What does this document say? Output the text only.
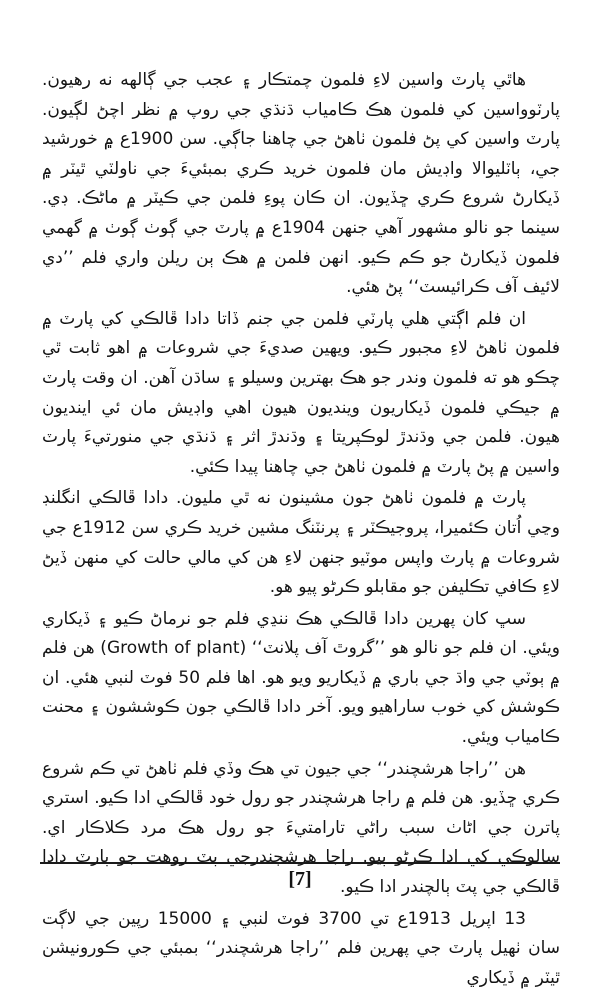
هاٿي پارٽ واسين لاءِ فلمون چمتڪار ۽ عجب جي ڳالهه نه رهيون. پارٽوواسين کي فلمون هڪ ڪامياب ڌنڌي جي روپ ۾ نظر اچڻ لڳيون. پارٽ واسين کي پڻ فلمون ٺاهڻ جي چاهنا جاڳي. سن 1900ع ۾ خورشيد جي، ٻاٽليوالا واڊيش مان فلمون خريد ڪري بمبئيءَ جي ناولٽي ٿيٽر ۾ ڏيکارڻ شروع ڪري ڇڏيون. ان ڪان پوءِ فلمن جي ڪيٽر ۾ ماڻڪ. ڊي. سينما جو نالو مشهور آهي جنهن 1904ع ۾ پارٽ جي ڳوٺ ڳوٺ ۾ گهمي فلمون ڏيکارڻ جو ڪم ڪيو. انهن فلمن ۾ هڪ ٻن ريلن واري فلم ’’دي لائيف آف ڪرائيسٽ‘‘ پڻ هئي.

ان فلم اڳتي هلي پارٽي فلمن جي جنم ڏاتا دادا ڦالڪي کي پارٽ ۾ فلمون ٺاهڻ لاءِ مجبور ڪيو. ويهين صديءَ جي شروعات ۾ اهو ثابت ٿي چڪو هو ته فلمون وندر جو هڪ بهترين وسيلو ۽ ساڌن آهن. ان وقت پارٽ ۾ جيڪي فلمون ڏيکاريون وينديون هيون اهي واڊيش مان ئي اينديون هيون. فلمن جي وڌندڙ لوڪپريتا ۽ وڌندڙ اثر ۽ ڌنڌي جي منورتيءَ پارٽ واسين ۾ پڻ پارٽ ۾ فلمون ٺاهڻ جي چاهنا پيدا ڪئي.

پارٽ ۾ فلمون ٺاهڻ جون مشينون نه ٿي مليون. دادا ڦالڪي انگلنڊ وڃي اُتان ڪئميرا، پروجيڪٽر ۽ پرنٽنگ مشين خريد ڪري سن 1912ع جي شروعات ۾ پارٽ واپس موٽيو جنهن لاءِ هن کي مالي حالت کي منهن ڏيڻ لاءِ ڪافي تڪليفن جو مقابلو ڪرڻو پيو هو.

سڀ کان پهرين دادا ڦالڪي هڪ ننڍي فلم جو نرماڻ ڪيو ۽ ڏيکاري ويئي. ان فلم جو نالو هو ’’گروٿ آف پلانٽ‘‘ (Growth of plant) هن فلم ۾ ٻوٽي جي واڌ جي باري ۾ ڏيکاريو ويو هو. اها فلم 50 فوٽ لنبي هئي. ان ڪوشش کي خوب ساراهيو ويو. آخر دادا ڦالڪي جون ڪوششون ۽ محنت ڪامياب ويئي.

هن ’’راجا هرشچندر‘‘ جي جيون تي هڪ وڏي فلم ٺاهڻ تي ڪم شروع ڪري ڇڏيو. هن فلم ۾ راجا هرشچندر جو رول خود ڦالڪي ادا ڪيو. استري پاترن جي اڻاٺ سبب راڻي تارامتيءَ جو رول هڪ مرد ڪلاڪار اي. سالوڪي کي ادا ڪرڻو پيو. راجا هرشچندرجي پٽ روهت جو پارٽ دادا ڦالڪي جي پٽ ٻالچندر ادا ڪيو.

13 اپريل 1913ع تي 3700 فوٽ لنبي ۽ 15000 رپين جي لاڳت سان ٺهيل پارٽ جي پهرين فلم ’’راجا هرشچندر‘‘ بمبئي جي ڪورونيشن ٿيٽر ۾ ڏيکاري

[7]
